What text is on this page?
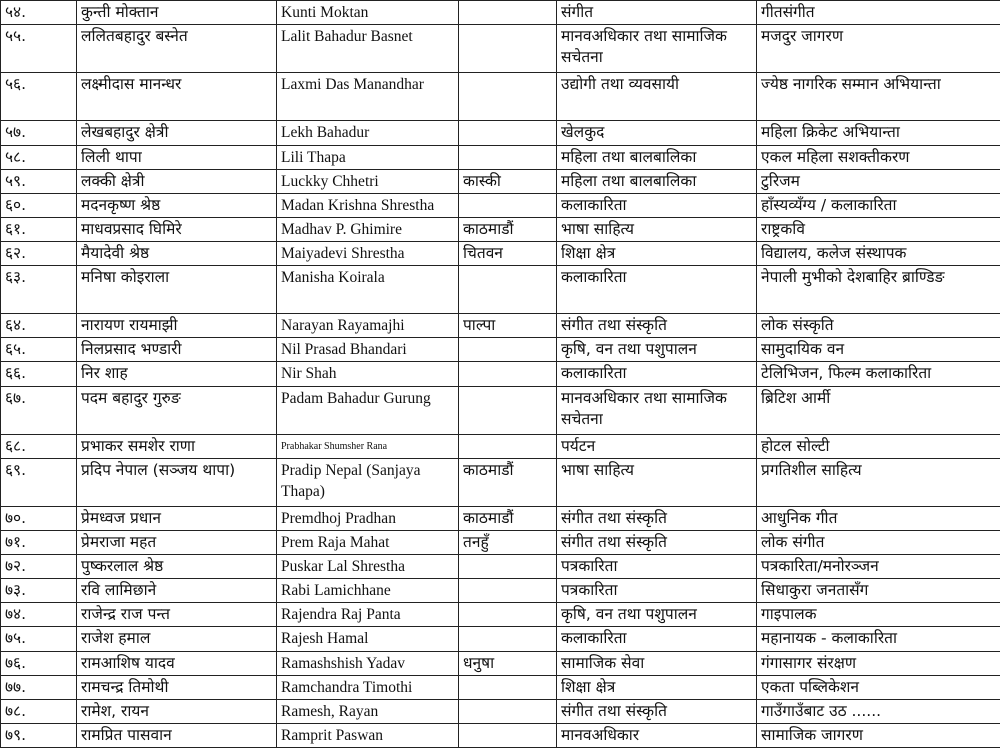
५४.	कुन्ती मोक्तान	Kunti Moktan		संगीत	गीतसंगीत
५५.	ललितबहादुर बस्नेत	Lalit Bahadur Basnet		मानवअधिकार तथा सामाजिक सचेतना	मजदुर जागरण
५६.	लक्ष्मीदास मानन्धर	Laxmi Das Manandhar		उद्योगी तथा व्यवसायी	ज्येष्ठ नागरिक सम्मान अभियान्ता
५७.	लेखबहादुर क्षेत्री	Lekh Bahadur		खेलकुद	महिला क्रिकेट अभियान्ता
५८.	लिली थापा	Lili Thapa		महिला तथा बालबालिका	एकल महिला सशक्तीकरण
५९.	लक्की क्षेत्री	Luckky Chhetri	कास्की	महिला तथा बालबालिका	टुरिजम
६०.	मदनकृष्ण श्रेष्ठ	Madan Krishna Shrestha		कलाकारिता	हाँस्यव्यँग्य / कलाकारिता
६१.	माधवप्रसाद घिमिरे	Madhav P. Ghimire	काठमाडौं	भाषा साहित्य	राष्ट्रकवि
६२.	मैयादेवी श्रेष्ठ	Maiyadevi Shrestha	चितवन	शिक्षा क्षेत्र	विद्यालय, कलेज संस्थापक
६३.	मनिषा कोइराला	Manisha Koirala		कलाकारिता	नेपाली मुभीको देशबाहिर ब्राण्डिङ
६४.	नारायण रायमाझी	Narayan Rayamajhi	पाल्पा	संगीत तथा संस्कृति	लोक संस्कृति
६५.	निलप्रसाद भण्डारी	Nil Prasad Bhandari		कृषि, वन तथा पशुपालन	सामुदायिक वन
६६.	निर शाह	Nir Shah		कलाकारिता	टेलिभिजन, फिल्म कलाकारिता
६७.	पदम बहादुर गुरुङ	Padam Bahadur Gurung		मानवअधिकार तथा सामाजिक सचेतना	ब्रिटिश आर्मी
६८.	प्रभाकर समशेर राणा	Prabhakar Shumsher Rana		पर्यटन	होटल सोल्टी
६९.	प्रदिप नेपाल (सञ्जय थापा)	Pradip Nepal (Sanjaya Thapa)	काठमाडौं	भाषा साहित्य	प्रगतिशील साहित्य
७०.	प्रेमध्वज प्रधान	Premdhoj Pradhan	काठमाडौं	संगीत तथा संस्कृति	आधुनिक गीत
७१.	प्रेमराजा महत	Prem Raja Mahat	तनहुँ	संगीत तथा संस्कृति	लोक संगीत
७२.	पुष्करलाल श्रेष्ठ	Puskar Lal Shrestha		पत्रकारिता	पत्रकारिता/मनोरञ्जन
७३.	रवि लामिछाने	Rabi Lamichhane		पत्रकारिता	सिधाकुरा जनतासँग
७४.	राजेन्द्र राज पन्त	Rajendra Raj Panta		कृषि, वन तथा पशुपालन	गाइपालक
७५.	राजेश हमाल	Rajesh Hamal		कलाकारिता	महानायक - कलाकारिता
७६.	रामआशिष यादव	Ramashshish Yadav	धनुषा	सामाजिक सेवा	गंगासागर संरक्षण
७७.	रामचन्द्र तिमोथी	Ramchandra Timothi		शिक्षा क्षेत्र	एकता पब्लिकेशन
७८.	रामेश, रायन	Ramesh, Rayan		संगीत तथा संस्कृति	गाउँगाउँबाट उठ ......
७९.	रामप्रित पासवान	Ramprit Paswan		मानवअधिकार	सामाजिक जागरण
